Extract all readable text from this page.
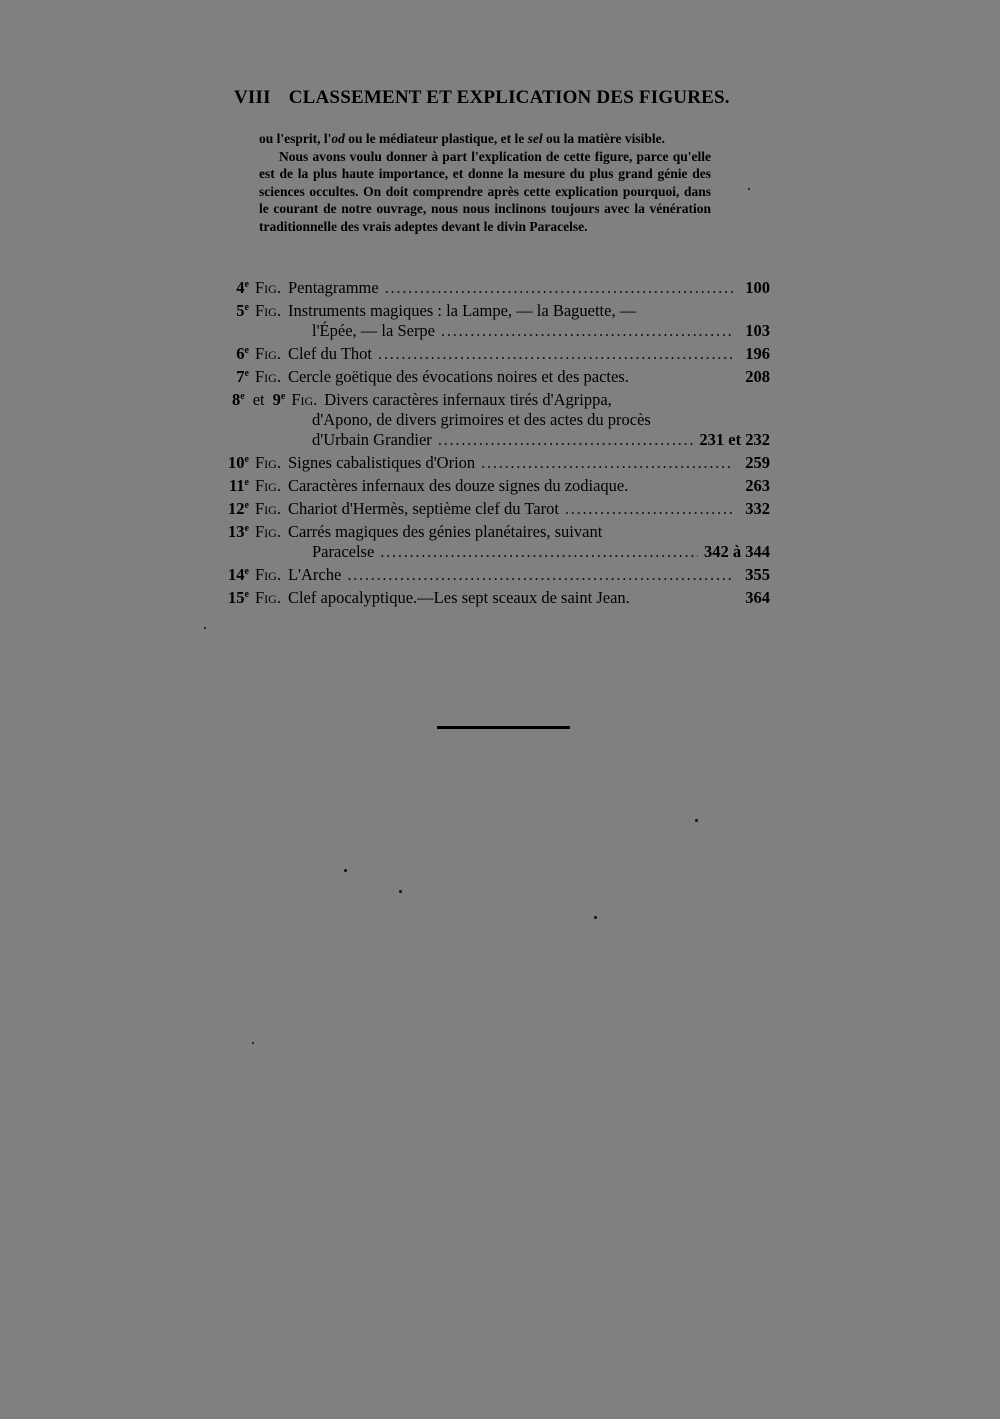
VIII CLASSEMENT ET EXPLICATION DES FIGURES.

ou l'esprit, l'od ou le médiateur plastique, et le sel ou la matière visible.

Nous avons voulu donner à part l'explication de cette figure, parce qu'elle est de la plus haute importance, et donne la mesure du plus grand génie des sciences occultes. On doit comprendre après cette explication pourquoi, dans le courant de notre ouvrage, nous nous inclinons toujours avec la vénération traditionnelle des vrais adeptes devant le divin Paracelse.

4e Fig. Pentagramme . . .	100
5e Fig. Instruments magiques : la Lampe, — la Baguette, —
l'Épée, — la Serpe . . .	103
6e Fig. Clef du Thot . . .	196
7e Fig. Cercle goëtique des évocations noires et des pactes.	208
8e et 9e Fig. Divers caractères infernaux tirés d'Agrippa,
d'Apono, de divers grimoires et des actes du procès
d'Urbain Grandier . . .	231 et 232
10e Fig. Signes cabalistiques d'Orion . . .	259
11e Fig. Caractères infernaux des douze signes du zodiaque.	263
12e Fig. Chariot d'Hermès, septième clef du Tarot . . .	332
13e Fig. Carrés magiques des génies planétaires, suivant
Paracelse . . .	342 à 344
14e Fig. L'Arche . . .	355
15e Fig. Clef apocalyptique.—Les sept sceaux de saint Jean.	364
